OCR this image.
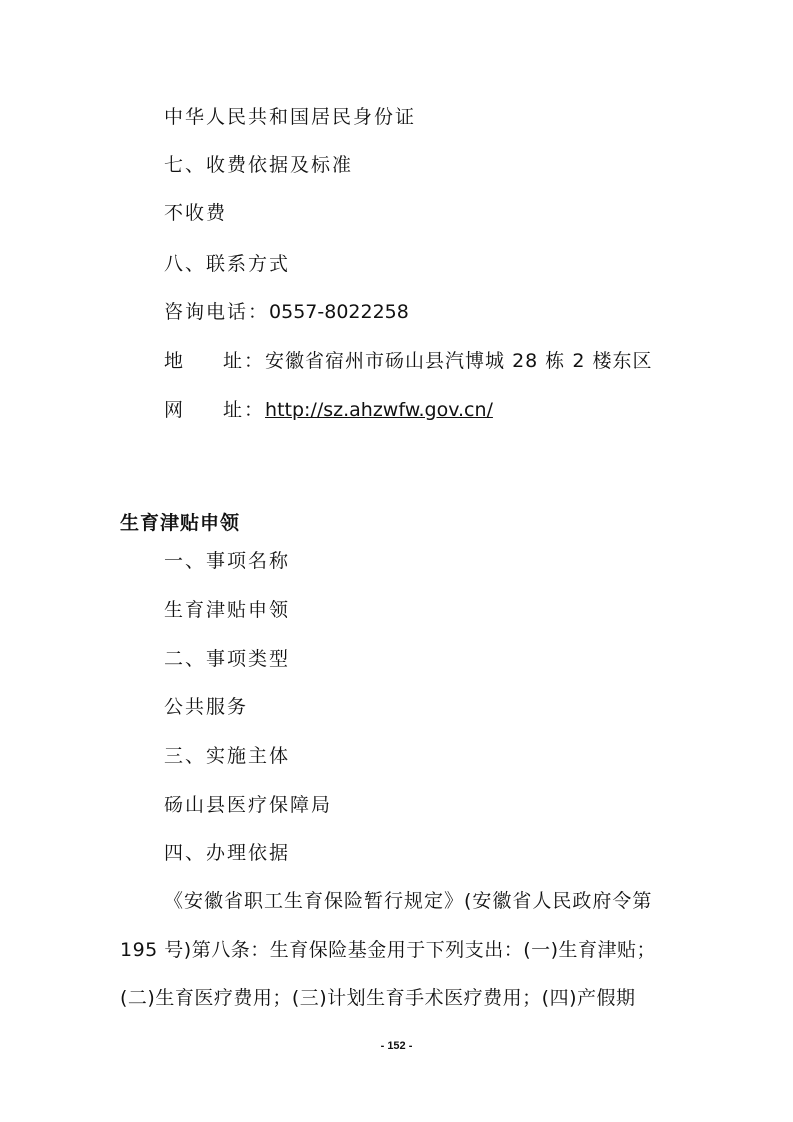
中华人民共和国居民身份证
七、收费依据及标准
不收费
八、联系方式
咨询电话：0557-8022258
地 址：安徽省宿州市砀山县汽博城 28 栋 2 楼东区
网 址：http://sz.ahzwfw.gov.cn/
生育津贴申领
一、事项名称
生育津贴申领
二、事项类型
公共服务
三、实施主体
砀山县医疗保障局
四、办理依据
《安徽省职工生育保险暂行规定》(安徽省人民政府令第
195 号)第八条：生育保险基金用于下列支出：(一)生育津贴；
(二)生育医疗费用；(三)计划生育手术医疗费用；(四)产假期
- 152 -
